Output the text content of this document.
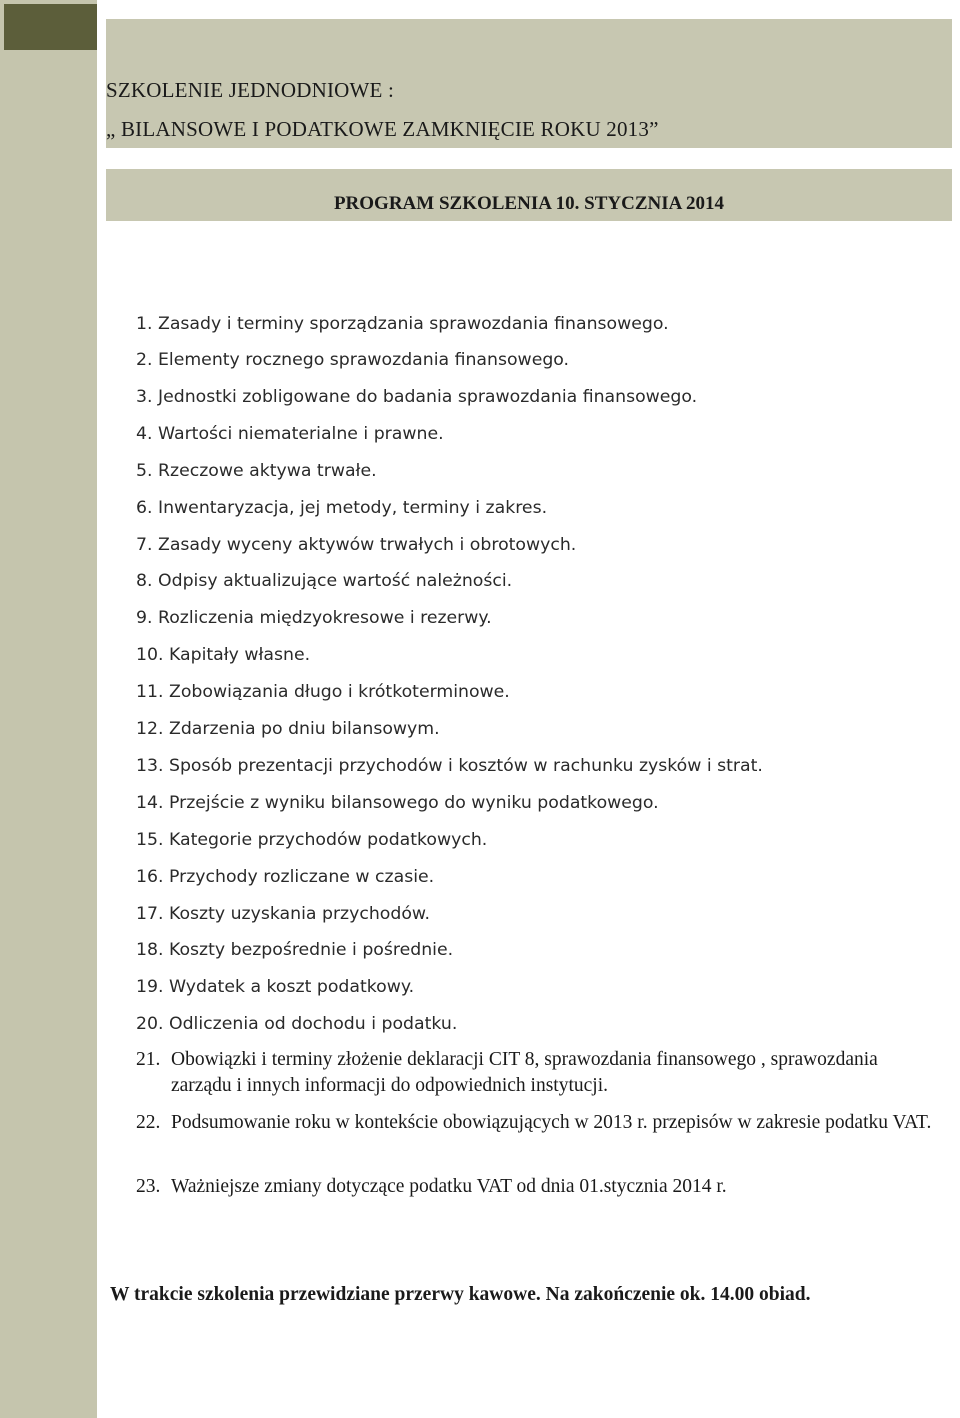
SZKOLENIE JEDNODNIOWE :
„ BILANSOWE I PODATKOWE ZAMKNIĘCIE ROKU 2013”
PROGRAM SZKOLENIA 10. STYCZNIA 2014
1. Zasady i terminy sporządzania sprawozdania finansowego.
2. Elementy rocznego sprawozdania finansowego.
3. Jednostki zobligowane do badania sprawozdania finansowego.
4. Wartości niematerialne i prawne.
5. Rzeczowe aktywa trwałe.
6. Inwentaryzacja, jej metody, terminy i zakres.
7. Zasady wyceny aktywów trwałych i obrotowych.
8. Odpisy aktualizujące wartość należności.
9. Rozliczenia międzyokresowe i rezerwy.
10. Kapitały własne.
11. Zobowiązania długo i krótkoterminowe.
12. Zdarzenia po dniu bilansowym.
13. Sposób prezentacji przychodów i kosztów w rachunku zysków i strat.
14. Przejście z wyniku bilansowego do wyniku podatkowego.
15. Kategorie przychodów podatkowych.
16. Przychody rozliczane w czasie.
17. Koszty uzyskania przychodów.
18. Koszty bezpośrednie i pośrednie.
19. Wydatek a koszt podatkowy.
20. Odliczenia od dochodu i podatku.
21. Obowiązki i terminy złożenie deklaracji CIT 8, sprawozdania finansowego , sprawozdania zarządu i innych informacji do odpowiednich instytucji.
22. Podsumowanie roku w kontekście obowiązujących w 2013 r. przepisów w zakresie podatku VAT.
23. Ważniejsze zmiany dotyczące podatku VAT od dnia 01.stycznia 2014 r.
W trakcie szkolenia przewidziane przerwy kawowe. Na zakończenie ok. 14.00 obiad.
